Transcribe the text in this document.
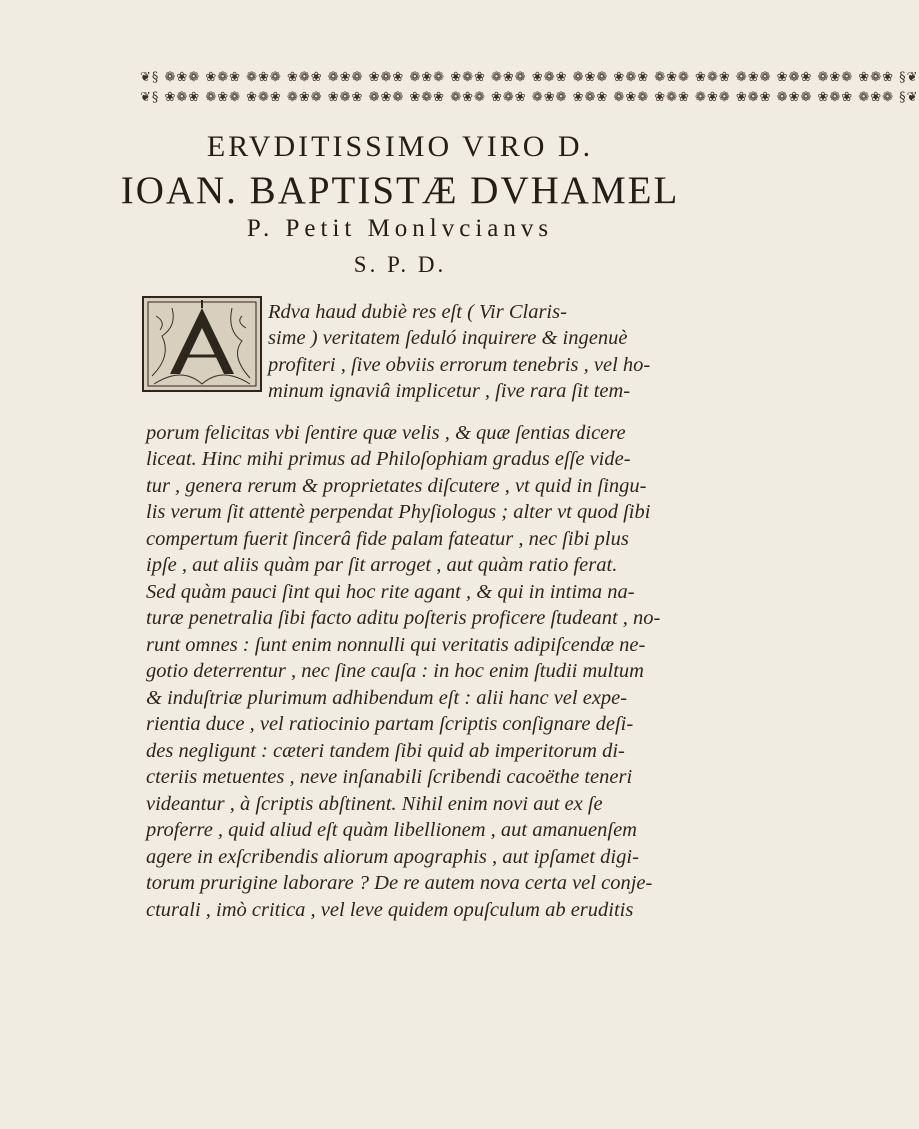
❦§ ❁❀❁ ❀❁❀ ❁❀❁ ❀❁❀ ❁❀❁ ❀❁❀ ❁❀❁ ❀❁❀ ❁❀❁ ❀❁❀ ❁❀❁ ❀❁❀ ❁❀❁ ❀❁❀ ❁❀❁ ❀❁❀ ❁❀❁ ❀❁❀ §❦
❦§ ❀❁❀ ❁❀❁ ❀❁❀ ❁❀❁ ❀❁❀ ❁❀❁ ❀❁❀ ❁❀❁ ❀❁❀ ❁❀❁ ❀❁❀ ❁❀❁ ❀❁❀ ❁❀❁ ❀❁❀ ❁❀❁ ❀❁❀ ❁❀❁ §❦
ERVDITISSIMO VIRO D.
IOAN. BAPTISTÆ DVHAMEL
P. Petit Monlvcianvs
S. P. D.
Rdva haud dubiè res eſt ( Vir Claris-
sime ) veritatem ſeduló inquirere & ingenuè
profiteri , ſive obviis errorum tenebris , vel ho-
minum ignaviâ implicetur , ſive rara ſit tem-
porum felicitas vbi ſentire quæ velis , & quæ ſentias dicere
liceat. Hinc mihi primus ad Philoſophiam gradus eſſe vide-
tur , genera rerum & proprietates diſcutere , vt quid in ſingu-
lis verum ſit attentè perpendat Phyſiologus ; alter vt quod ſibi
compertum fuerit ſincerâ fide palam fateatur , nec ſibi plus
ipſe , aut aliis quàm par ſit arroget , aut quàm ratio ferat.
Sed quàm pauci ſint qui hoc rite agant , & qui in intima na-
turæ penetralia ſibi facto aditu poſteris proficere ſtudeant , no-
runt omnes : ſunt enim nonnulli qui veritatis adipiſcendæ ne-
gotio deterrentur , nec ſine cauſa : in hoc enim ſtudii multum
& induſtriæ plurimum adhibendum eſt : alii hanc vel expe-
rientia duce , vel ratiocinio partam ſcriptis conſignare deſi-
des negligunt : cæteri tandem ſibi quid ab imperitorum di-
cteriis metuentes , neve inſanabili ſcribendi cacoëthe teneri
videantur , à ſcriptis abſtinent. Nihil enim novi aut ex ſe
proferre , quid aliud eſt quàm libellionem , aut amanuenſem
agere in exſcribendis aliorum apographis , aut ipſamet digi-
torum prurigine laborare ? De re autem nova certa vel conje-
cturali , imò critica , vel leve quidem opuſculum ab eruditis
